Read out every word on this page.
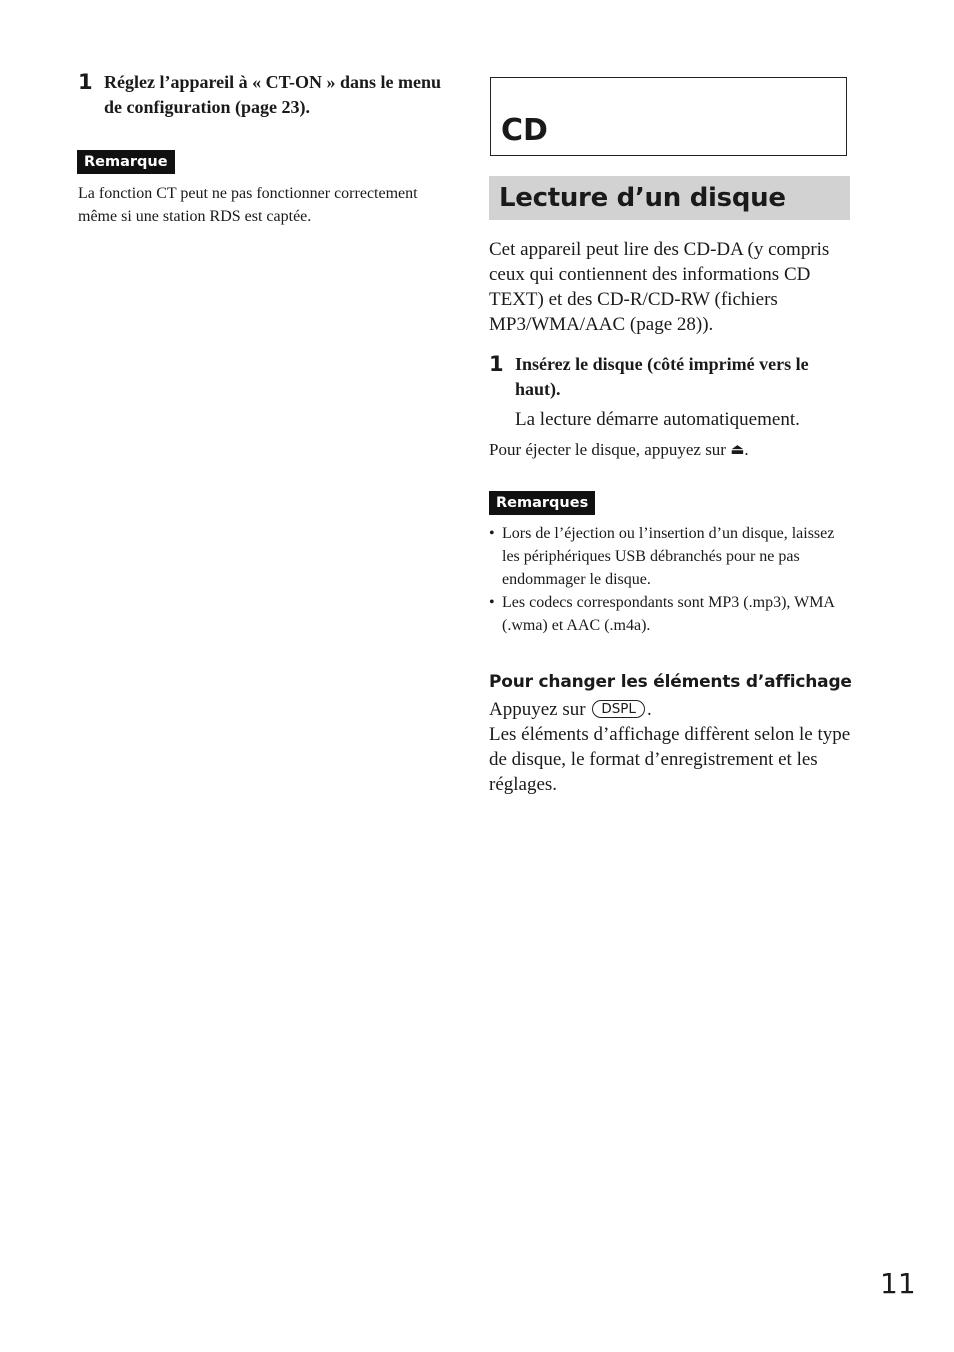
1 Réglez l’appareil à « CT-ON » dans le menu de configuration (page 23).
Remarque
La fonction CT peut ne pas fonctionner correctement même si une station RDS est captée.
CD
Lecture d’un disque
Cet appareil peut lire des CD-DA (y compris ceux qui contiennent des informations CD TEXT) et des CD-R/CD-RW (fichiers MP3/WMA/AAC (page 28)).
1 Insérez le disque (côté imprimé vers le haut).
La lecture démarre automatiquement.
Pour éjecter le disque, appuyez sur ⏏.
Remarques
• Lors de l’éjection ou l’insertion d’un disque, laissez les périphériques USB débranchés pour ne pas endommager le disque.
• Les codecs correspondants sont MP3 (.mp3), WMA (.wma) et AAC (.m4a).
Pour changer les éléments d’affichage
Appuyez sur DSPL .
Les éléments d’affichage diffèrent selon le type de disque, le format d’enregistrement et les réglages.
11
